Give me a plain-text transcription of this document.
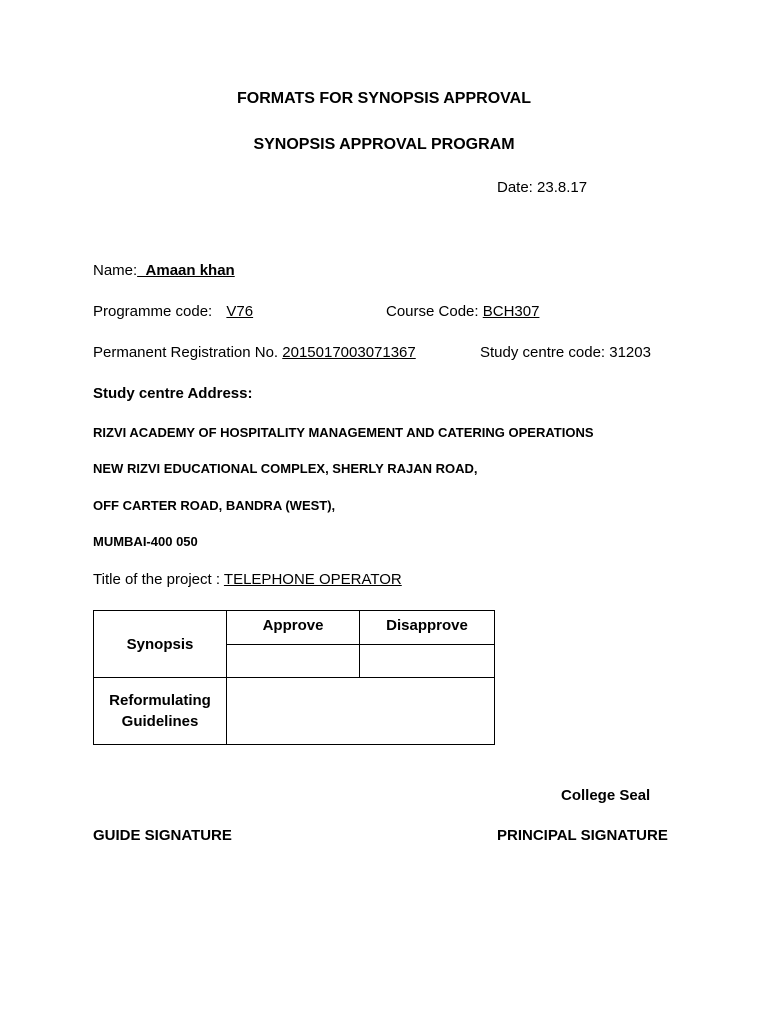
FORMATS FOR SYNOPSIS APPROVAL
SYNOPSIS APPROVAL PROGRAM
Date: 23.8.17
Name:_Amaan khan
Programme code: V76	Course Code: BCH307
Permanent Registration No. 2015017003071367	Study centre code: 31203
Study centre Address:
RIZVI ACADEMY OF HOSPITALITY MANAGEMENT AND CATERING OPERATIONS
NEW RIZVI EDUCATIONAL COMPLEX, SHERLY RAJAN ROAD,
OFF CARTER ROAD, BANDRA (WEST),
MUMBAI-400 050
Title of the project : TELEPHONE OPERATOR
Synopsis	Approve	Disapprove

Reformulating
Guidelines		

College Seal
GUIDE SIGNATURE	PRINCIPAL SIGNATURE
